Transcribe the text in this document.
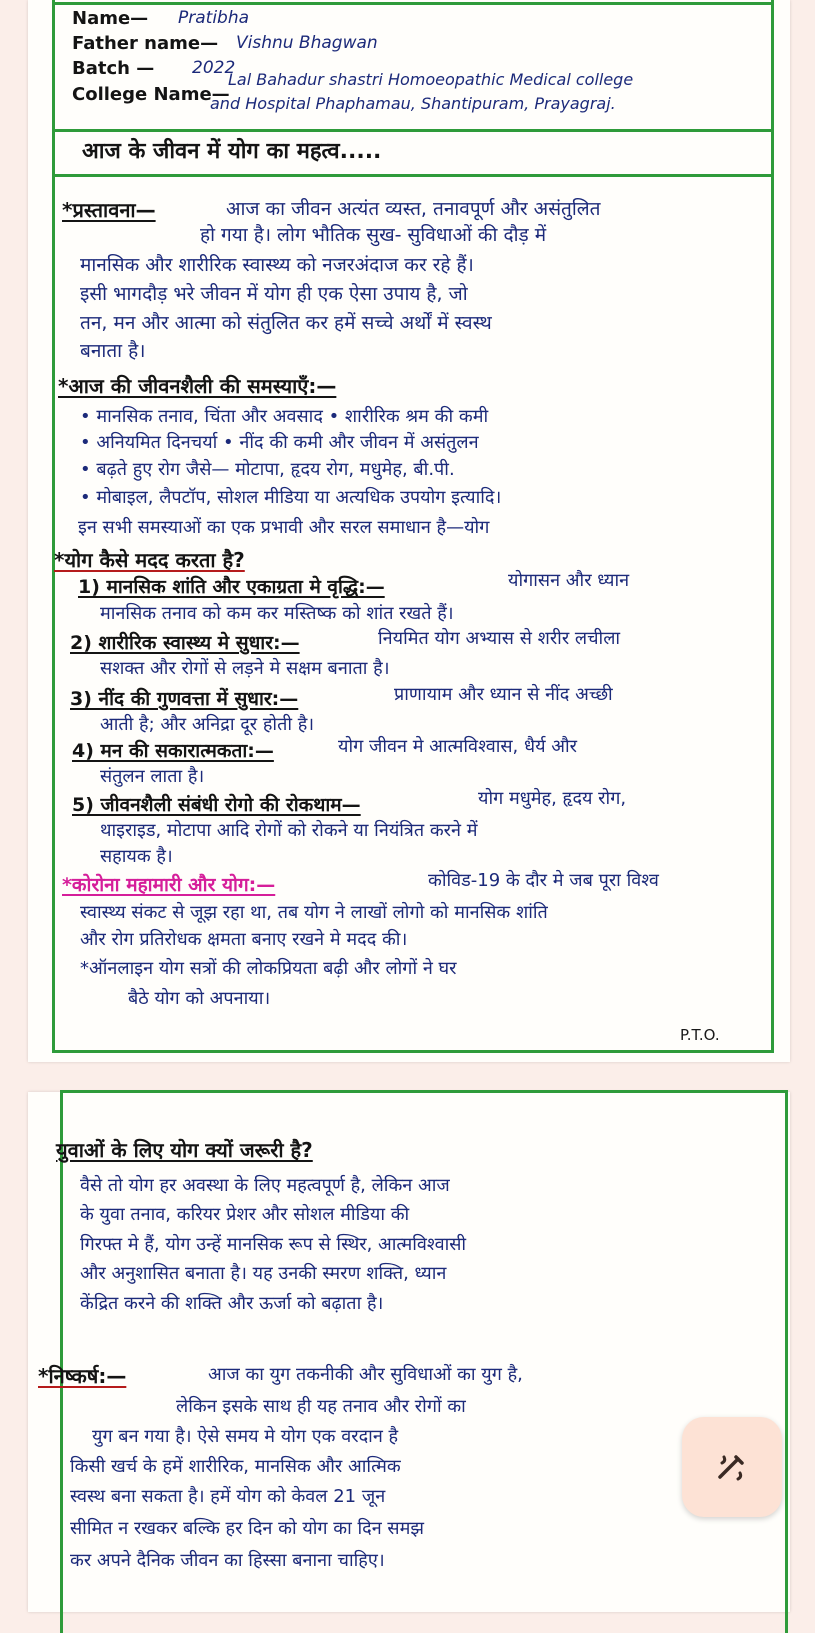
Name— Pratibha
Father name— Vishnu Bhagwan
Batch — 2022
College Name—
Lal Bahadur shastri Homoeopathic Medical college
and Hospital Phaphamau, Shantipuram, Prayagraj.
आज के जीवन में योग का महत्व.....
*प्रस्तावना—	आज का जीवन अत्यंत व्यस्त, तनावपूर्ण और असंतुलित
हो गया है। लोग भौतिक सुख- सुविधाओं की दौड़ में
मानसिक और शारीरिक स्वास्थ्य को नजरअंदाज कर रहे हैं।
इसी भागदौड़ भरे जीवन में योग ही एक ऐसा उपाय है, जो
तन, मन और आत्मा को संतुलित कर हमें सच्चे अर्थों में स्वस्थ
बनाता है।
*आज की जीवनशैली की समस्याएँ:—
• मानसिक तनाव, चिंता और अवसाद • शारीरिक श्रम की कमी
• अनियमित दिनचर्या • नींद की कमी और जीवन में असंतुलन
• बढ़ते हुए रोग जैसे— मोटापा, हृदय रोग, मधुमेह, बी.पी.
• मोबाइल, लैपटॉप, सोशल मीडिया या अत्यधिक उपयोग इत्यादि।
इन सभी समस्याओं का एक प्रभावी और सरल समाधान है—योग
*योग कैसे मदद करता है?
1) मानसिक शांति और एकाग्रता मे वृद्धि:—	योगासन और ध्यान
मानसिक तनाव को कम कर मस्तिष्क को शांत रखते हैं।
2) शारीरिक स्वास्थ्य मे सुधार:—	नियमित योग अभ्यास से शरीर लचीला
सशक्त और रोगों से लड़ने मे सक्षम बनाता है।
3) नींद की गुणवत्ता में सुधार:—	प्राणायाम और ध्यान से नींद अच्छी
आती है; और अनिद्रा दूर होती है।
4) मन की सकारात्मकता:—	योग जीवन मे आत्मविश्वास, धैर्य और
संतुलन लाता है।
5) जीवनशैली संबंधी रोगो की रोकथाम—	योग मधुमेह, हृदय रोग,
थाइराइड, मोटापा आदि रोगों को रोकने या नियंत्रित करने में
सहायक है।
*कोरोना महामारी और योग:—	कोविड-19 के दौर मे जब पूरा विश्व
स्वास्थ्य संकट से जूझ रहा था, तब योग ने लाखों लोगो को मानसिक शांति
और रोग प्रतिरोधक क्षमता बनाए रखने मे मदद की।
*ऑनलाइन योग सत्रों की लोकप्रियता बढ़ी और लोगों ने घर
बैठे योग को अपनाया।
P.T.O.
युवाओं के लिए योग क्यों जरूरी है?
वैसे तो योग हर अवस्था के लिए महत्वपूर्ण है, लेकिन आज
के युवा तनाव, करियर प्रेशर और सोशल मीडिया की
गिरफ्त मे हैं, योग उन्हें मानसिक रूप से स्थिर, आत्मविश्वासी
और अनुशासित बनाता है। यह उनकी स्मरण शक्ति, ध्यान
केंद्रित करने की शक्ति और ऊर्जा को बढ़ाता है।
*निष्कर्ष:—	आज का युग तकनीकी और सुविधाओं का युग है,
लेकिन इसके साथ ही यह तनाव और रोगों का
युग बन गया है। ऐसे समय मे योग एक वरदान है
किसी खर्च के हमें शारीरिक, मानसिक और आत्मिक
स्वस्थ बना सकता है। हमें योग को केवल 21 जून
सीमित न रखकर बल्कि हर दिन को योग का दिन समझ
कर अपने दैनिक जीवन का हिस्सा बनाना चाहिए।
